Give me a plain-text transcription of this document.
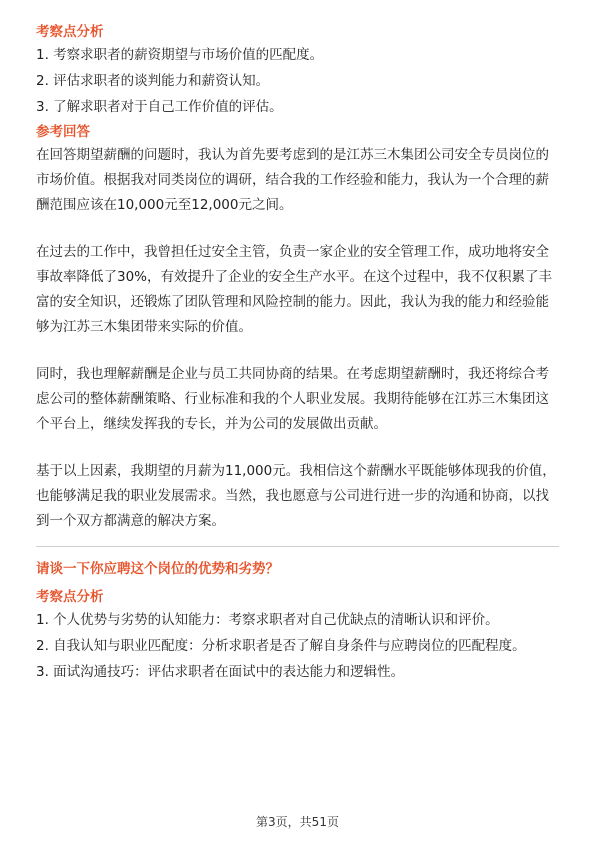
考察点分析
1. 考察求职者的薪资期望与市场价值的匹配度。
2. 评估求职者的谈判能力和薪资认知。
3. 了解求职者对于自己工作价值的评估。
参考回答

在回答期望薪酬的问题时，我认为首先要考虑到的是江苏三木集团公司安全专员岗位的市场价值。根据我对同类岗位的调研，结合我的工作经验和能力，我认为一个合理的薪酬范围应该在10,000元至12,000元之间。

在过去的工作中，我曾担任过安全主管，负责一家企业的安全管理工作，成功地将安全事故率降低了30%，有效提升了企业的安全生产水平。在这个过程中，我不仅积累了丰富的安全知识，还锻炼了团队管理和风险控制的能力。因此，我认为我的能力和经验能够为江苏三木集团带来实际的价值。

同时，我也理解薪酬是企业与员工共同协商的结果。在考虑期望薪酬时，我还将综合考虑公司的整体薪酬策略、行业标准和我的个人职业发展。我期待能够在江苏三木集团这个平台上，继续发挥我的专长，并为公司的发展做出贡献。

基于以上因素，我期望的月薪为11,000元。我相信这个薪酬水平既能够体现我的价值，也能够满足我的职业发展需求。当然，我也愿意与公司进行进一步的沟通和协商，以找到一个双方都满意的解决方案。

请谈一下你应聘这个岗位的优势和劣势？
考察点分析
1. 个人优势与劣势的认知能力：考察求职者对自己优缺点的清晰认识和评价。
2. 自我认知与职业匹配度：分析求职者是否了解自身条件与应聘岗位的匹配程度。
3. 面试沟通技巧：评估求职者在面试中的表达能力和逻辑性。
第3页，共51页
